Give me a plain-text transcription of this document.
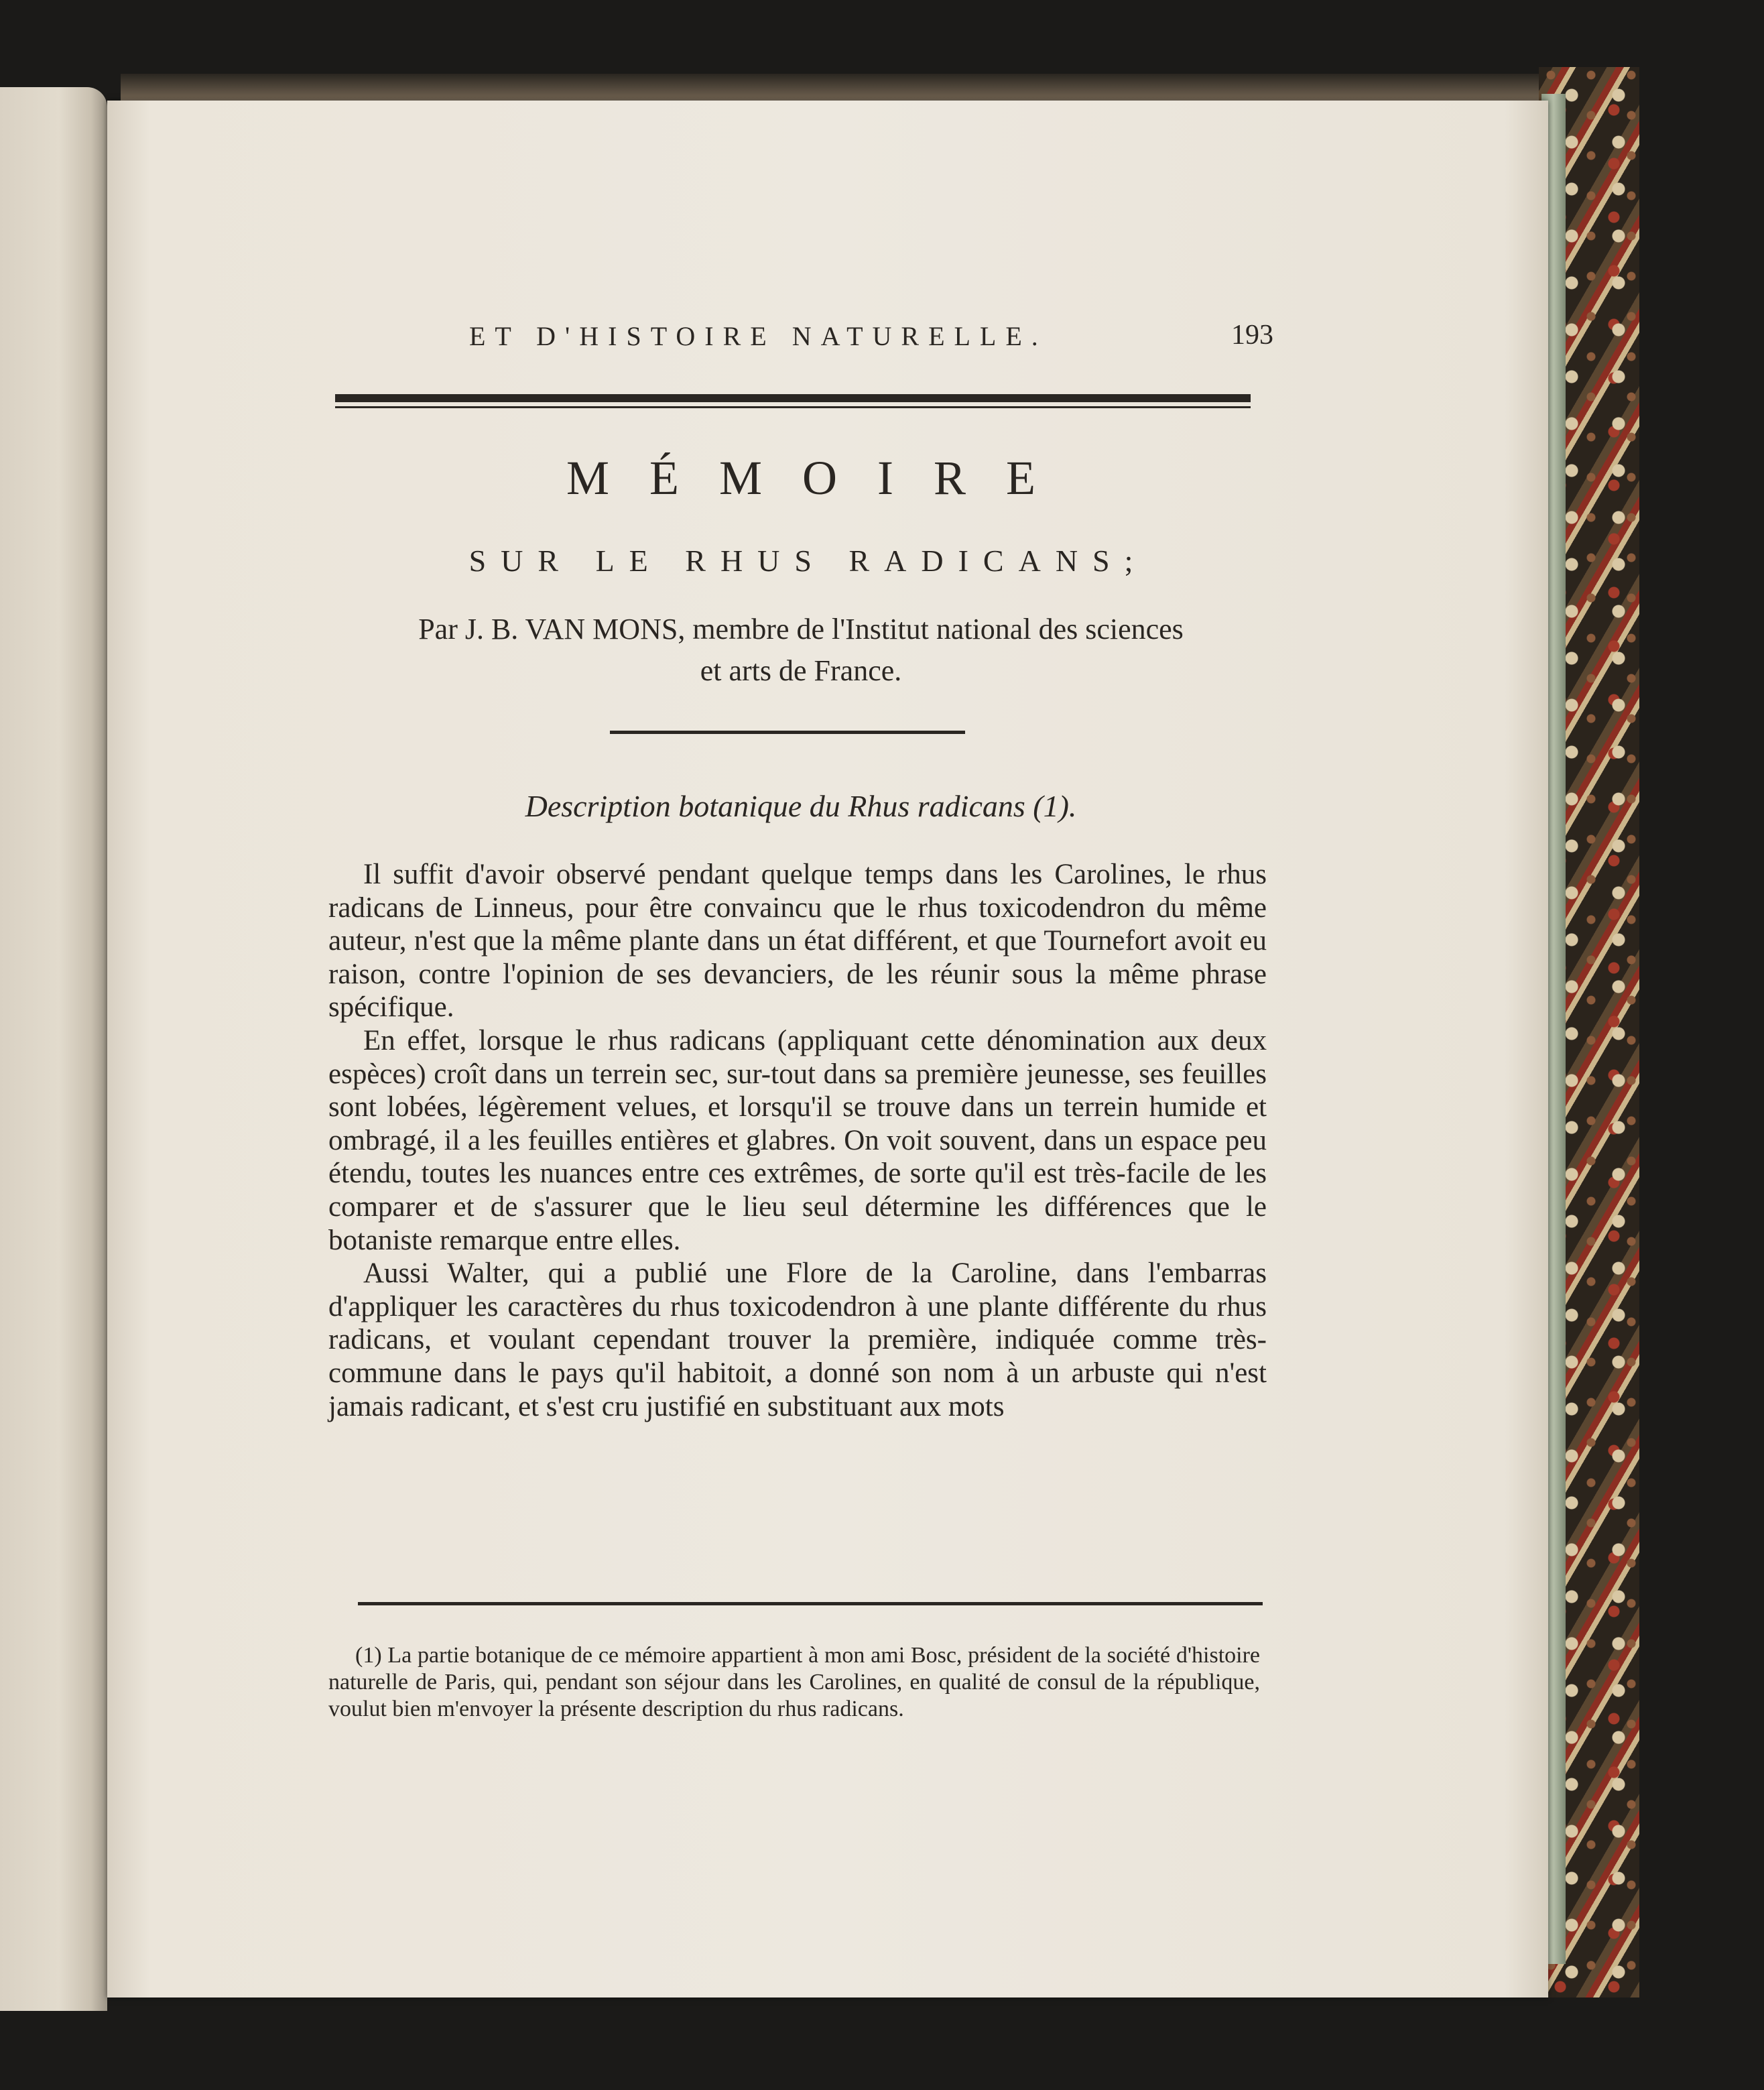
ET D'HISTOIRE NATURELLE.	193
MÉMOIRE
SUR LE RHUS RADICANS;
Par J. B. VAN MONS, membre de l'Institut national des sciences
et arts de France.
Description botanique du Rhus radicans (1).

Il suffit d'avoir observé pendant quelque temps dans les Carolines, le rhus radicans de Linneus, pour être convaincu que le rhus toxicodendron du même auteur, n'est que la même plante dans un état différent, et que Tournefort avoit eu raison, contre l'opinion de ses devanciers, de les réunir sous la même phrase spécifique.

En effet, lorsque le rhus radicans (appliquant cette dénomination aux deux espèces) croît dans un terrein sec, sur-tout dans sa première jeunesse, ses feuilles sont lobées, légèrement velues, et lorsqu'il se trouve dans un terrein humide et ombragé, il a les feuilles entières et glabres. On voit souvent, dans un espace peu étendu, toutes les nuances entre ces extrêmes, de sorte qu'il est très-facile de les comparer et de s'assurer que le lieu seul détermine les différences que le botaniste remarque entre elles.

Aussi Walter, qui a publié une Flore de la Caroline, dans l'embarras d'appliquer les caractères du rhus toxicodendron à une plante différente du rhus radicans, et voulant cependant trouver la première, indiquée comme très-commune dans le pays qu'il habitoit, a donné son nom à un arbuste qui n'est jamais radicant, et s'est cru justifié en substituant aux mots

(1) La partie botanique de ce mémoire appartient à mon ami Bosc, président de la société d'histoire naturelle de Paris, qui, pendant son séjour dans les Carolines, en qualité de consul de la république, voulut bien m'envoyer la présente description du rhus radicans.
